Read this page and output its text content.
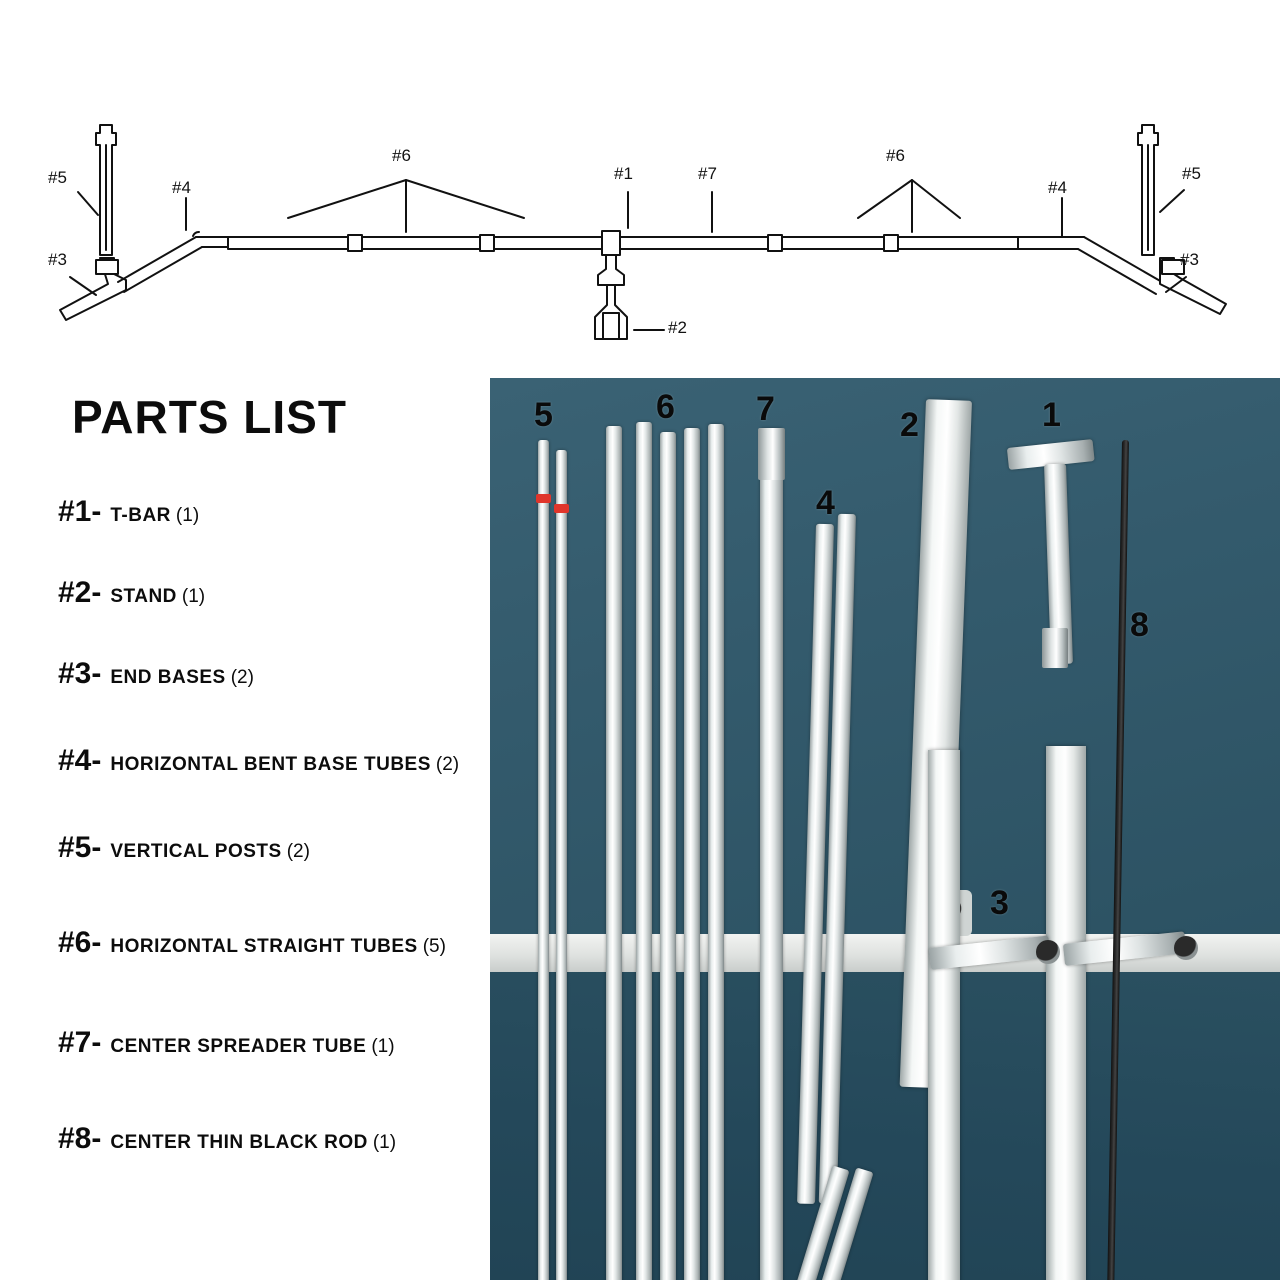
#5
#4
#3
#6
#1	#7
#6
#4
#5
#3
#2
PARTS LIST
#1- T-BAR (1)
#2- STAND (1)
#3- END BASES (2)
#4- HORIZONTAL BENT BASE TUBES (2)
#5- VERTICAL POSTS (2)
#6- HORIZONTAL STRAIGHT TUBES (5)
#7- CENTER SPREADER TUBE (1)
#8- CENTER THIN BLACK ROD (1)
5	6 7
4
2	1
8
3
